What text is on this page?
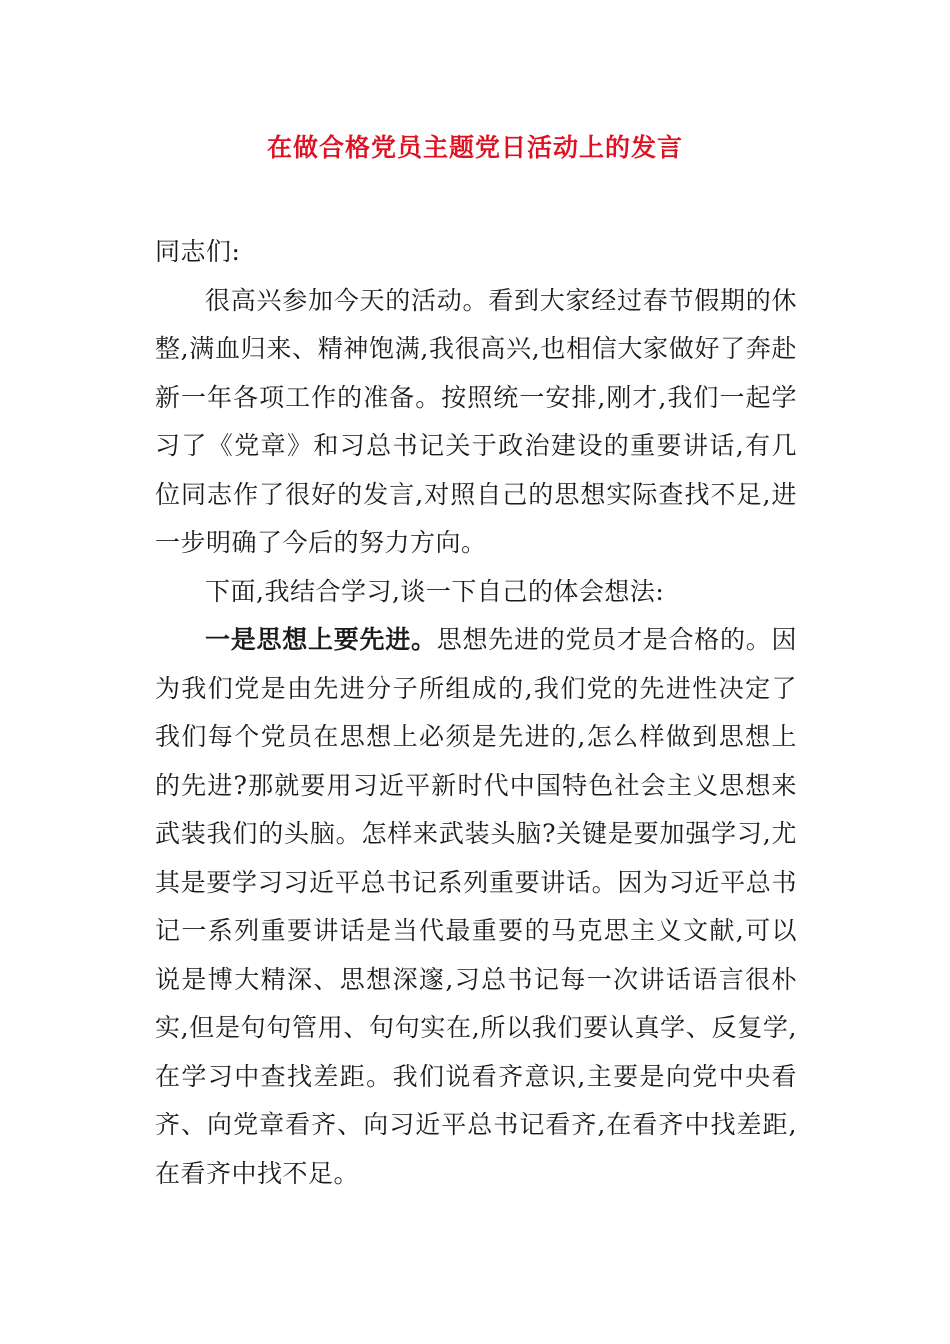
在做合格党员主题党日活动上的发言

同志们:

很高兴参加今天的活动。看到大家经过春节假期的休整,满血归来、精神饱满,我很高兴,也相信大家做好了奔赴新一年各项工作的准备。按照统一安排,刚才,我们一起学习了《党章》和习总书记关于政治建设的重要讲话,有几位同志作了很好的发言,对照自己的思想实际查找不足,进一步明确了今后的努力方向。

下面,我结合学习,谈一下自己的体会想法:

一是思想上要先进。思想先进的党员才是合格的。因为我们党是由先进分子所组成的,我们党的先进性决定了我们每个党员在思想上必须是先进的,怎么样做到思想上的先进?那就要用习近平新时代中国特色社会主义思想来武装我们的头脑。怎样来武装头脑?关键是要加强学习,尤其是要学习习近平总书记系列重要讲话。因为习近平总书记一系列重要讲话是当代最重要的马克思主义文献,可以说是博大精深、思想深邃,习总书记每一次讲话语言很朴实,但是句句管用、句句实在,所以我们要认真学、反复学,在学习中查找差距。我们说看齐意识,主要是向党中央看齐、向党章看齐、向习近平总书记看齐,在看齐中找差距,在看齐中找不足。
